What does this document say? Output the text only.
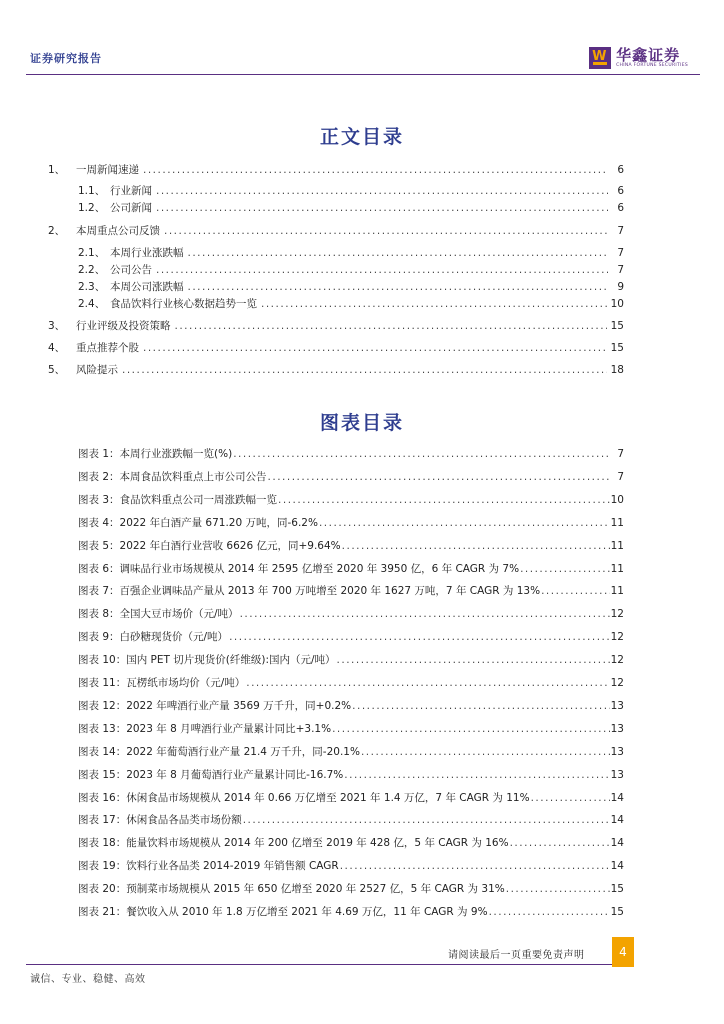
证券研究报告 W	华鑫证券
CHINA FORTUNE SECURITIES
正文目录
1、	一周新闻速递 .....	6
1.1、 行业新闻 .....	6
1.2、 公司新闻 .....	6
2、	本周重点公司反馈 .....	7
2.1、 本周行业涨跌幅 .....	7
2.2、 公司公告 .....	7
2.3、 本周公司涨跌幅 .....	9
2.4、 食品饮料行业核心数据趋势一览 .....	10
3、	行业评级及投资策略 .....	15
4、	重点推荐个股 .....	15
5、	风险提示 .....	18
图表目录
图表 1：本周行业涨跌幅一览(%) .....	7
图表 2：本周食品饮料重点上市公司公告 .....	7
图表 3：食品饮料重点公司一周涨跌幅一览 .....	10
图表 4：2022 年白酒产量 671.20 万吨，同-6.2% .....	11
图表 5：2022 年白酒行业营收 6626 亿元，同+9.64% .....	11
图表 6：调味品行业市场规模从 2014 年 2595 亿增至 2020 年 3950 亿，6 年 CAGR 为 7% .....	11
图表 7：百强企业调味品产量从 2013 年 700 万吨增至 2020 年 1627 万吨，7 年 CAGR 为 13% .....	11
图表 8：全国大豆市场价（元/吨） .....	12
图表 9：白砂糖现货价（元/吨） .....	12
图表 10：国内 PET 切片现货价(纤维级):国内（元/吨） .....	12
图表 11：瓦楞纸市场均价（元/吨） .....	12
图表 12：2022 年啤酒行业产量 3569 万千升，同+0.2% .....	13
图表 13：2023 年 8 月啤酒行业产量累计同比+3.1% .....	13
图表 14：2022 年葡萄酒行业产量 21.4 万千升，同-20.1% .....	13
图表 15：2023 年 8 月葡萄酒行业产量累计同比-16.7% .....	13
图表 16：休闲食品市场规模从 2014 年 0.66 万亿增至 2021 年 1.4 万亿，7 年 CAGR 为 11% .....	14
图表 17：休闲食品各品类市场份额 .....	14
图表 18：能量饮料市场规模从 2014 年 200 亿增至 2019 年 428 亿，5 年 CAGR 为 16% .....	14
图表 19：饮料行业各品类 2014-2019 年销售额 CAGR .....	14
图表 20：预制菜市场规模从 2015 年 650 亿增至 2020 年 2527 亿，5 年 CAGR 为 31% .....	15
图表 21：餐饮收入从 2010 年 1.8 万亿增至 2021 年 4.69 万亿，11 年 CAGR 为 9% .....	15
请阅读最后一页重要免责声明	4
诚信、专业、稳健、高效
